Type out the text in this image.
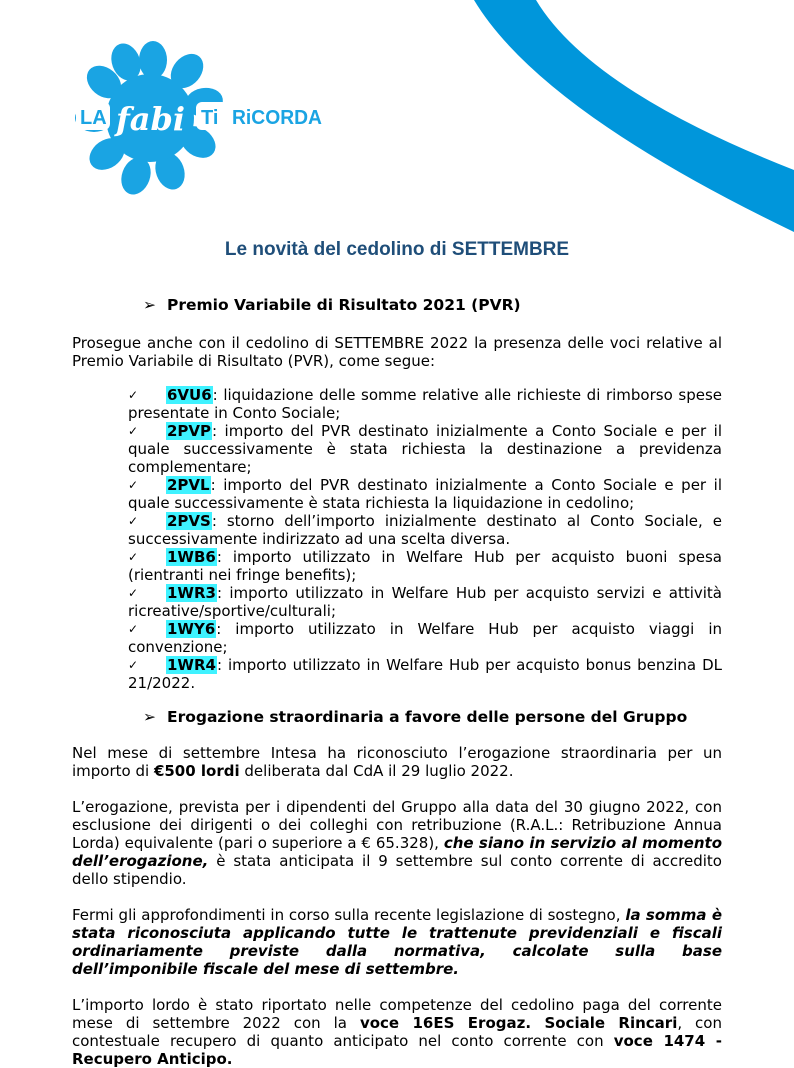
LA fabi Ti RiCORDA
Le novità del cedolino di SETTEMBRE
➢ Premio Variabile di Risultato 2021 (PVR)
Prosegue anche con il cedolino di SETTEMBRE 2022 la presenza delle voci relative al Premio Variabile di Risultato (PVR), come segue:
✓ 6VU6: liquidazione delle somme relative alle richieste di rimborso spese presentate in Conto Sociale;
✓ 2PVP: importo del PVR destinato inizialmente a Conto Sociale e per il quale successivamente è stata richiesta la destinazione a previdenza complementare;
✓ 2PVL: importo del PVR destinato inizialmente a Conto Sociale e per il quale successivamente è stata richiesta la liquidazione in cedolino;
✓ 2PVS: storno dell’importo inizialmente destinato al Conto Sociale, e successivamente indirizzato ad una scelta diversa.
✓ 1WB6: importo utilizzato in Welfare Hub per acquisto buoni spesa (rientranti nei fringe benefits);
✓ 1WR3: importo utilizzato in Welfare Hub per acquisto servizi e attività ricreative/sportive/culturali;
✓ 1WY6: importo utilizzato in Welfare Hub per acquisto viaggi in convenzione;
✓ 1WR4: importo utilizzato in Welfare Hub per acquisto bonus benzina DL 21/2022.
➢ Erogazione straordinaria a favore delle persone del Gruppo
Nel mese di settembre Intesa ha riconosciuto l’erogazione straordinaria per un importo di €500 lordi deliberata dal CdA il 29 luglio 2022.
L’erogazione, prevista per i dipendenti del Gruppo alla data del 30 giugno 2022, con esclusione dei dirigenti o dei colleghi con retribuzione (R.A.L.: Retribuzione Annua Lorda) equivalente (pari o superiore a € 65.328), che siano in servizio al momento dell’erogazione, è stata anticipata il 9 settembre sul conto corrente di accredito dello stipendio.
Fermi gli approfondimenti in corso sulla recente legislazione di sostegno, la somma è stata riconosciuta applicando tutte le trattenute previdenziali e fiscali ordinariamente previste dalla normativa, calcolate sulla base dell’imponibile fiscale del mese di settembre.
L’importo lordo è stato riportato nelle competenze del cedolino paga del corrente mese di settembre 2022 con la voce 16ES Erogaz. Sociale Rincari, con contestuale recupero di quanto anticipato nel conto corrente con voce 1474 - Recupero Anticipo.
